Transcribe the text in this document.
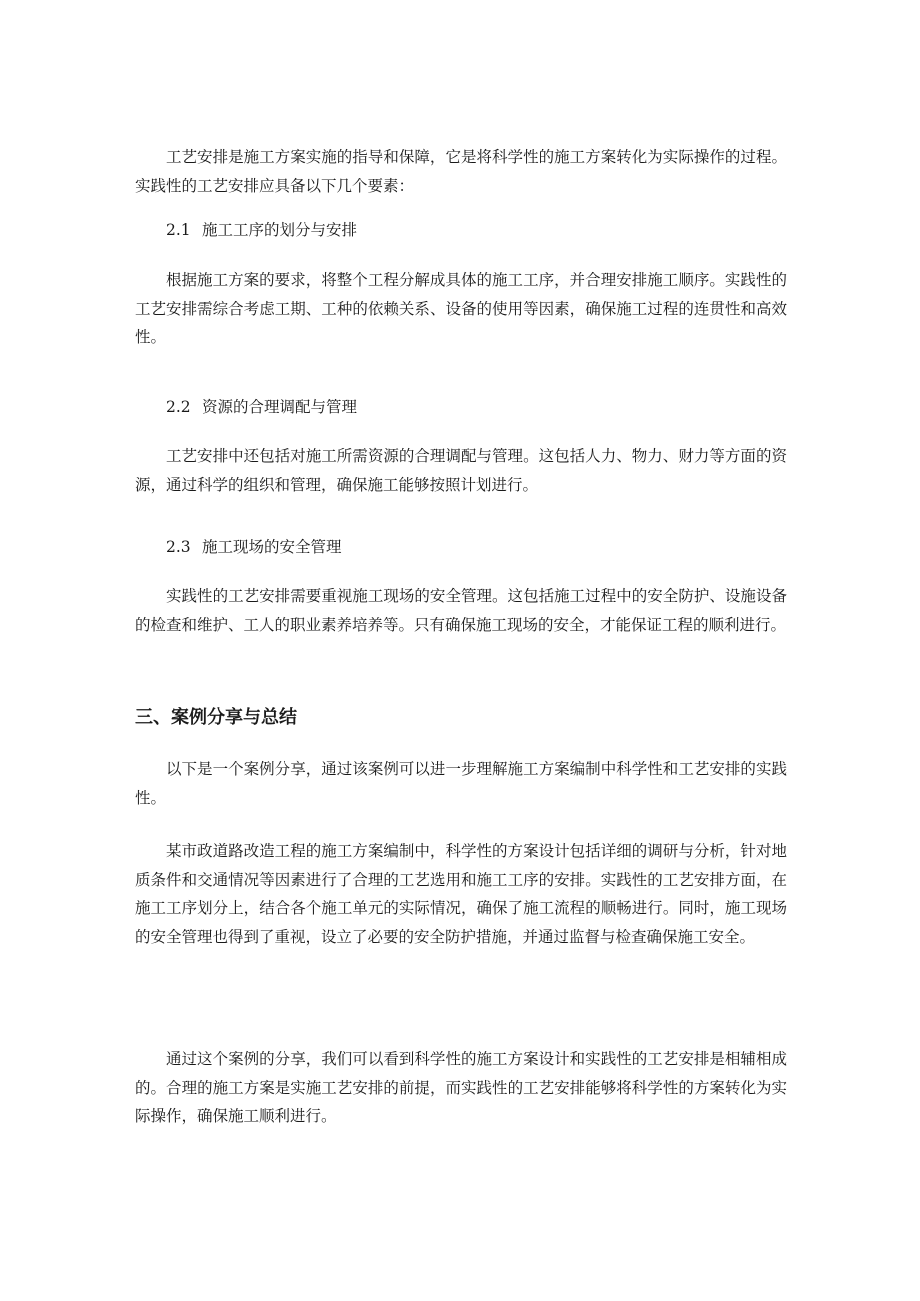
工艺安排是施工方案实施的指导和保障，它是将科学性的施工方案转化为实际操作的过程。实践性的工艺安排应具备以下几个要素：

2.1 施工工序的划分与安排

根据施工方案的要求，将整个工程分解成具体的施工工序，并合理安排施工顺序。实践性的工艺安排需综合考虑工期、工种的依赖关系、设备的使用等因素，确保施工过程的连贯性和高效性。

2.2 资源的合理调配与管理

工艺安排中还包括对施工所需资源的合理调配与管理。这包括人力、物力、财力等方面的资源，通过科学的组织和管理，确保施工能够按照计划进行。

2.3 施工现场的安全管理

实践性的工艺安排需要重视施工现场的安全管理。这包括施工过程中的安全防护、设施设备的检查和维护、工人的职业素养培养等。只有确保施工现场的安全，才能保证工程的顺利进行。

三、案例分享与总结

以下是一个案例分享，通过该案例可以进一步理解施工方案编制中科学性和工艺安排的实践性。

某市政道路改造工程的施工方案编制中，科学性的方案设计包括详细的调研与分析，针对地质条件和交通情况等因素进行了合理的工艺选用和施工工序的安排。实践性的工艺安排方面，在施工工序划分上，结合各个施工单元的实际情况，确保了施工流程的顺畅进行。同时，施工现场的安全管理也得到了重视，设立了必要的安全防护措施，并通过监督与检查确保施工安全。

通过这个案例的分享，我们可以看到科学性的施工方案设计和实践性的工艺安排是相辅相成的。合理的施工方案是实施工艺安排的前提，而实践性的工艺安排能够将科学性的方案转化为实际操作，确保施工顺利进行。
